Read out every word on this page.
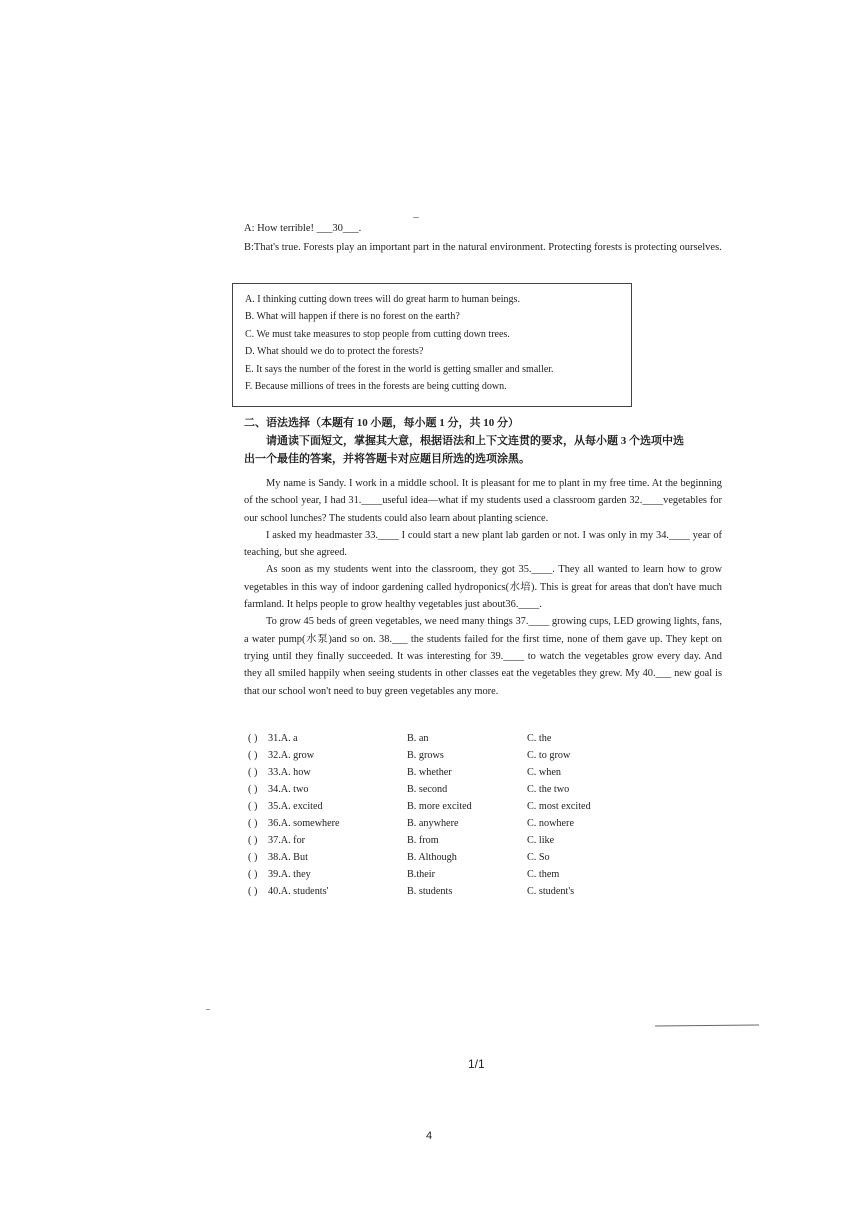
A: How terrible! ___30___.

B:That's true. Forests play an important part in the natural environment. Protecting forests is protecting ourselves.

A. I thinking cutting down trees will do great harm to human beings.
B. What will happen if there is no forest on the earth?
C. We must take measures to stop people from cutting down trees.
D. What should we do to protect the forests?
E. It says the number of the forest in the world is getting smaller and smaller.
F. Because millions of trees in the forests are being cutting down.
二、语法选择（本题有 10 小题，每小题 1 分，共 10 分）

请通读下面短文，掌握其大意，根据语法和上下文连贯的要求，从每小题 3 个选项中选

出一个最佳的答案，并将答题卡对应题目所选的选项涂黑。

My name is Sandy. I work in a middle school. It is pleasant for me to plant in my free time. At the beginning of the school year, I had 31.____useful idea—what if my students used a classroom garden 32.____vegetables for our school lunches? The students could also learn about planting science.

I asked my headmaster 33.____ I could start a new plant lab garden or not. I was only in my 34.____ year of teaching, but she agreed.

As soon as my students went into the classroom, they got 35.____. They all wanted to learn how to grow vegetables in this way of indoor gardening called hydroponics(水培). This is great for areas that don't have much farmland. It helps people to grow healthy vegetables just about36.____.

To grow 45 beds of green vegetables, we need many things 37.____ growing cups, LED growing lights, fans, a water pump(水泵)and so on. 38.___ the students failed for the first time, none of them gave up. They kept on trying until they finally succeeded. It was interesting for 39.____ to watch the vegetables grow every day. And they all smiled happily when seeing students in other classes eat the vegetables they grew. My 40.___ new goal is that our school won't need to buy green vegetables any more.

( ) 31.A. a	B. an	C. the
( ) 32.A. grow	B. grows	C. to grow
( ) 33.A. how	B. whether	C. when
( ) 34.A. two	B. second	C. the two
( ) 35.A. excited	B. more excited	C. most excited
( ) 36.A. somewhere	B. anywhere	C. nowhere
( ) 37.A. for	B. from	C. like
( ) 38.A. But	B. Although	C. So
( ) 39.A. they	B.their	C. them
( ) 40.A. students'	B. students	C. student's
1/1
4
